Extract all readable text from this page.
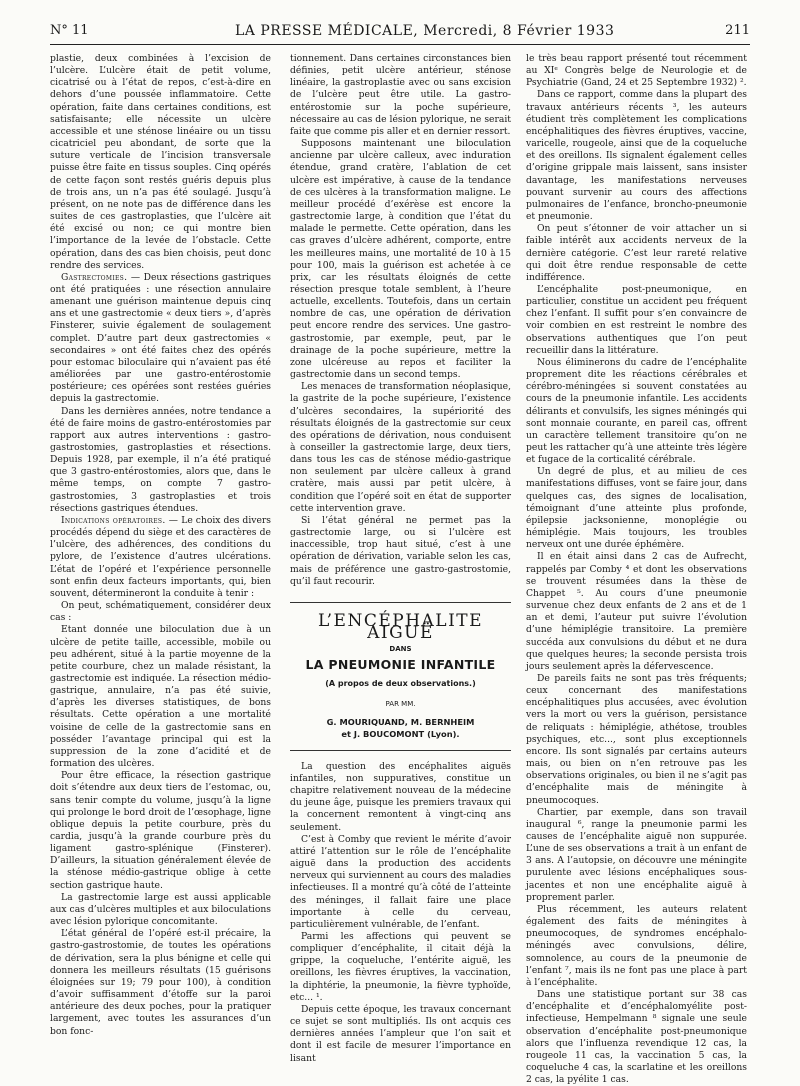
N° 11	LA PRESSE MÉDICALE, Mercredi, 8 Février 1933	211

plastie, deux combinées à l’excision de l’ulcère. L’ulcère était de petit volume, cicatrisé ou à l’état de repos, c’est-à-dire en dehors d’une poussée inflammatoire. Cette opération, faite dans certaines conditions, est satisfaisante; elle nécessite un ulcère accessible et une sténose linéaire ou un tissu cicatriciel peu abondant, de sorte que la suture verticale de l’incision transversale puisse être faite en tissus souples. Cinq opérés de cette façon sont restés guéris depuis plus de trois ans, un n’a pas été soulagé. Jusqu’à présent, on ne note pas de différence dans les suites de ces gastroplasties, que l’ulcère ait été excisé ou non; ce qui montre bien l’importance de la levée de l’obstacle. Cette opération, dans des cas bien choisis, peut donc rendre des services.

Gastrectomies. — Deux résections gastriques ont été pratiquées : une résection annulaire amenant une guérison maintenue depuis cinq ans et une gastrectomie « deux tiers », d’après Finsterer, suivie également de soulagement complet. D’autre part deux gastrectomies « secondaires » ont été faites chez des opérés pour estomac biloculaire qui n’avaient pas été améliorées par une gastro-entérostomie postérieure; ces opérées sont restées guéries depuis la gastrectomie.

Dans les dernières années, notre tendance a été de faire moins de gastro-entérostomies par rapport aux autres interventions : gastro-gastrostomies, gastroplasties et résections. Depuis 1928, par exemple, il n’a été pratiqué que 3 gastro-entérostomies, alors que, dans le même temps, on compte 7 gastro-gastrostomies, 3 gastroplasties et trois résections gastriques étendues.

Indications opératoires. — Le choix des divers procédés dépend du siège et des caractères de l’ulcère, des adhérences, des conditions du pylore, de l’existence d’autres ulcérations. L’état de l’opéré et l’expérience personnelle sont enfin deux facteurs importants, qui, bien souvent, détermineront la conduite à tenir :

On peut, schématiquement, considérer deux cas :

Etant donnée une biloculation due à un ulcère de petite taille, accessible, mobile ou peu adhérent, situé à la partie moyenne de la petite courbure, chez un malade résistant, la gastrectomie est indiquée. La résection médio-gastrique, annulaire, n’a pas été suivie, d’après les diverses statistiques, de bons résultats. Cette opération a une mortalité voisine de celle de la gastrectomie sans en posséder l’avantage principal qui est la suppression de la zone d’acidité et de formation des ulcères.

Pour être efficace, la résection gastrique doit s’étendre aux deux tiers de l’estomac, ou, sans tenir compte du volume, jusqu’à la ligne qui prolonge le bord droit de l’œsophage, ligne oblique depuis la petite courbure, près du cardia, jusqu’à la grande courbure près du ligament gastro-splénique (Finsterer). D’ailleurs, la situation généralement élevée de la sténose médio-gastrique oblige à cette section gastrique haute.

La gastrectomie large est aussi applicable aux cas d’ulcères multiples et aux biloculations avec lésion pylorique concomitante.

L’état général de l’opéré est-il précaire, la gastro-gastrostomie, de toutes les opérations de dérivation, sera la plus bénigne et celle qui donnera les meilleurs résultats (15 guérisons éloignées sur 19; 79 pour 100), à condition d’avoir suffisamment d’étoffe sur la paroi antérieure des deux poches, pour la pratiquer largement, avec toutes les assurances d’un bon fonc-

tionnement. Dans certaines circonstances bien définies, petit ulcère antérieur, sténose linéaire, la gastroplastie avec ou sans excision de l’ulcère peut être utile. La gastro-entérostomie sur la poche supérieure, nécessaire au cas de lésion pylorique, ne serait faite que comme pis aller et en dernier ressort.

Supposons maintenant une biloculation ancienne par ulcère calleux, avec induration étendue, grand cratère, l’ablation de cet ulcère est impérative, à cause de la tendance de ces ulcères à la transformation maligne. Le meilleur procédé d’exérèse est encore la gastrectomie large, à condition que l’état du malade le permette. Cette opération, dans les cas graves d’ulcère adhérent, comporte, entre les meilleures mains, une mortalité de 10 à 15 pour 100, mais la guérison est achetée à ce prix, car les résultats éloignés de cette résection presque totale semblent, à l’heure actuelle, excellents. Toutefois, dans un certain nombre de cas, une opération de dérivation peut encore rendre des services. Une gastro-gastrostomie, par exemple, peut, par le drainage de la poche supérieure, mettre la zone ulcéreuse au repos et faciliter la gastrectomie dans un second temps.

Les menaces de transformation néoplasique, la gastrite de la poche supérieure, l’existence d’ulcères secondaires, la supériorité des résultats éloignés de la gastrectomie sur ceux des opérations de dérivation, nous conduisent à conseiller la gastrectomie large, deux tiers, dans tous les cas de sténose médio-gastrique non seulement par ulcère calleux à grand cratère, mais aussi par petit ulcère, à condition que l’opéré soit en état de supporter cette intervention grave.

Si l’état général ne permet pas la gastrectomie large, ou si l’ulcère est inaccessible, trop haut situé, c’est à une opération de dérivation, variable selon les cas, mais de préférence une gastro-gastrostomie, qu’il faut recourir.

L’ENCÉPHALITE AIGUË
DANS
LA PNEUMONIE INFANTILE
(A propos de deux observations.)
PAR MM.
G. MOURIQUAND, M. BERNHEIM
et J. BOUCOMONT (Lyon).

La question des encéphalites aiguës infantiles, non suppuratives, constitue un chapitre relativement nouveau de la médecine du jeune âge, puisque les premiers travaux qui la concernent remontent à vingt-cinq ans seulement.

C’est à Comby que revient le mérite d’avoir attiré l’attention sur le rôle de l’encéphalite aiguë dans la production des accidents nerveux qui surviennent au cours des maladies infectieuses. Il a montré qu’à côté de l’atteinte des méninges, il fallait faire une place importante à celle du cerveau, particulièrement vulnérable, de l’enfant.

Parmi les affections qui peuvent se compliquer d’encéphalite, il citait déjà la grippe, la coqueluche, l’entérite aiguë, les oreillons, les fièvres éruptives, la vaccination, la diphtérie, la pneumonie, la fièvre typhoïde, etc... ¹.

Depuis cette époque, les travaux concernant ce sujet se sont multipliés. Ils ont acquis ces dernières années l’ampleur que l’on sait et dont il est facile de mesurer l’importance en lisant

le très beau rapport présenté tout récemment au XIᵉ Congrès belge de Neurologie et de Psychiatrie (Gand, 24 et 25 Septembre 1932) ².

Dans ce rapport, comme dans la plupart des travaux antérieurs récents ³, les auteurs étudient très complètement les complications encéphalitiques des fièvres éruptives, vaccine, varicelle, rougeole, ainsi que de la coqueluche et des oreillons. Ils signalent également celles d’origine grippale mais laissent, sans insister davantage, les manifestations nerveuses pouvant survenir au cours des affections pulmonaires de l’enfance, broncho-pneumonie et pneumonie.

On peut s’étonner de voir attacher un si faible intérêt aux accidents nerveux de la dernière catégorie. C’est leur rareté relative qui doit être rendue responsable de cette indifférence.

L’encéphalite post-pneumonique, en particulier, constitue un accident peu fréquent chez l’enfant. Il suffit pour s’en convaincre de voir combien en est restreint le nombre des observations authentiques que l’on peut recueillir dans la littérature.

Nous éliminerons du cadre de l’encéphalite proprement dite les réactions cérébrales et cérébro-méningées si souvent constatées au cours de la pneumonie infantile. Les accidents délirants et convulsifs, les signes méningés qui sont monnaie courante, en pareil cas, offrent un caractère tellement transitoire qu’on ne peut les rattacher qu’à une atteinte très légère et fugace de la corticalité cérébrale.

Un degré de plus, et au milieu de ces manifestations diffuses, vont se faire jour, dans quelques cas, des signes de localisation, témoignant d’une atteinte plus profonde, épilepsie jacksonienne, monoplégie ou hémiplégie. Mais toujours, les troubles nerveux ont une durée éphémère.

Il en était ainsi dans 2 cas de Aufrecht, rappelés par Comby ⁴ et dont les observations se trouvent résumées dans la thèse de Chappet ⁵. Au cours d’une pneumonie survenue chez deux enfants de 2 ans et de 1 an et demi, l’auteur put suivre l’évolution d’une hémiplégie transitoire. La première succéda aux convulsions du début et ne dura que quelques heures; la seconde persista trois jours seulement après la défervescence.

De pareils faits ne sont pas très fréquents; ceux concernant des manifestations encéphalitiques plus accusées, avec évolution vers la mort ou vers la guérison, persistance de reliquats : hémiplégie, athétose, troubles psychiques, etc..., sont plus exceptionnels encore. Ils sont signalés par certains auteurs mais, ou bien on n’en retrouve pas les observations originales, ou bien il ne s’agit pas d’encéphalite mais de méningite à pneumocoques.

Chartier, par exemple, dans son travail inaugural ⁶, range la pneumonie parmi les causes de l’encéphalite aiguë non suppurée. L’une de ses observations a trait à un enfant de 3 ans. A l’autopsie, on découvre une méningite purulente avec lésions encéphaliques sous-jacentes et non une encéphalite aiguë à proprement parler.

Plus récemment, les auteurs relatent également des faits de méningites à pneumocoques, de syndromes encéphalo-méningés avec convulsions, délire, somnolence, au cours de la pneumonie de l’enfant ⁷, mais ils ne font pas une place à part à l’encéphalite.

Dans une statistique portant sur 38 cas d’encéphalite et d’encéphalomyélite post-infectieuse, Hempelmann ⁸ signale une seule observation d’encéphalite post-pneumonique alors que l’influenza revendique 12 cas, la rougeole 11 cas, la vaccination 5 cas, la coqueluche 4 cas, la scarlatine et les oreillons 2 cas, la pyélite 1 cas.
